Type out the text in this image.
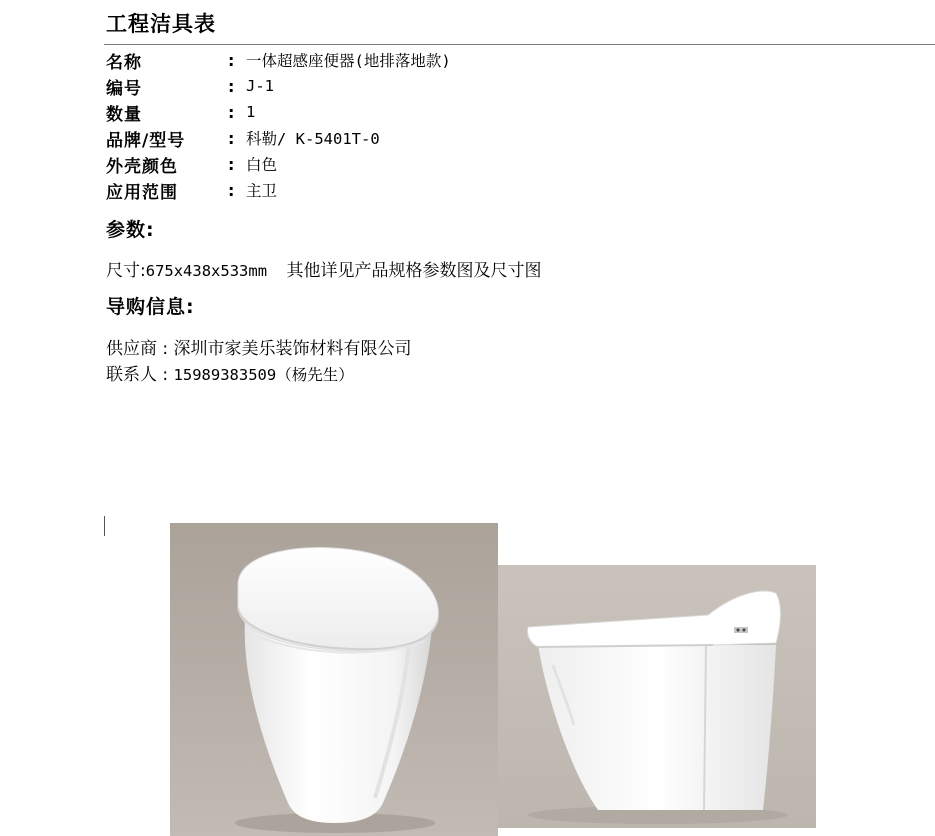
工程洁具表
名称	: 一体超感座便器(地排落地款)
编号	: J-1
数量	: 1
品牌/型号	: 科勒/ K-5401T-0
外壳颜色	: 白色
应用范围	: 主卫
参数:
尺寸:675x438x533mm 其他详见产品规格参数图及尺寸图
导购信息:
供应商 : 深圳市家美乐装饰材料有限公司
联系人 : 15989383509（杨先生）
